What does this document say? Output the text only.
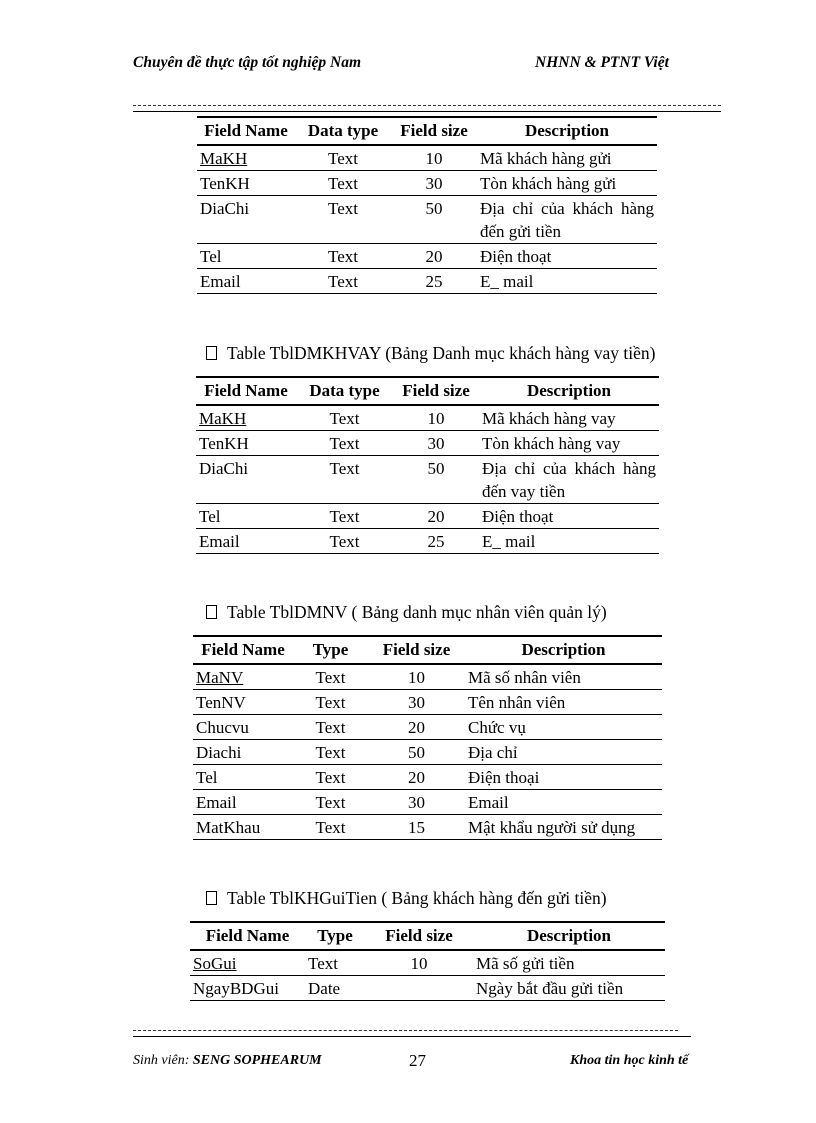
Chuyên đề thực tập tốt nghiệp Nam	NHNN & PTNT Việt
Field Name	Data type	Field size	Description
MaKH	Text	10	Mã khách hàng gửi
TenKH	Text	30	Tòn khách hàng gửi
DiaChi	Text	50	Địa chỉ của khách hàng đến gửi tiền
Tel	Text	20	Điện thoạt
Email	Text	25	E_ mail
Table TblDMKHVAY (Bảng Danh mục khách hàng vay tiền)
Field Name	Data type	Field size	Description
MaKH	Text	10	Mã khách hàng vay
TenKH	Text	30	Tòn khách hàng vay
DiaChi	Text	50	Địa chỉ của khách hàng đến vay tiền
Tel	Text	20	Điện thoạt
Email	Text	25	E_ mail
Table TblDMNV ( Bảng danh mục nhân viên quản lý)
Field Name	Type	Field size	Description
MaNV	Text	10	Mã số nhân viên
TenNV	Text	30	Tên nhân viên
Chucvu	Text	20	Chức vụ
Diachi	Text	50	Địa chỉ
Tel	Text	20	Điện thoại
Email	Text	30	Email
MatKhau	Text	15	Mật khẩu người sử dụng
Table TblKHGuiTien ( Bảng khách hàng đến gửi tiền)
Field Name	Type	Field size	Description
SoGui	Text	10	Mã số gửi tiền
NgayBDGui	Date		Ngày bắt đầu gửi tiền
Sinh viên: SENG SOPHEARUM	27	Khoa tin học kinh tế
